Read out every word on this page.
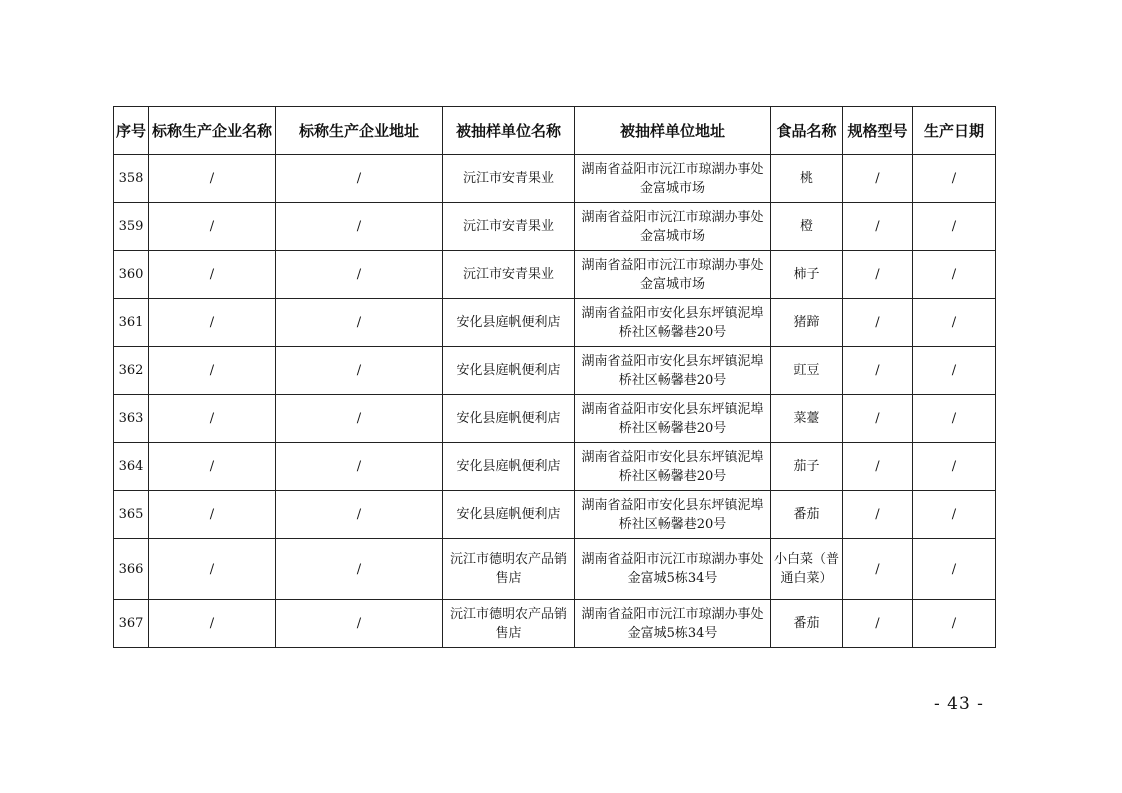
序号	标称生产企业名称	标称生产企业地址	被抽样单位名称	被抽样单位地址	食品名称	规格型号	生产日期
358	/	/	沅江市安青果业	湖南省益阳市沅江市琼湖办事处金富城市场	桃	/	/
359	/	/	沅江市安青果业	湖南省益阳市沅江市琼湖办事处金富城市场	橙	/	/
360	/	/	沅江市安青果业	湖南省益阳市沅江市琼湖办事处金富城市场	柿子	/	/
361	/	/	安化县庭帆便利店	湖南省益阳市安化县东坪镇泥埠桥社区畅馨巷20号	猪蹄	/	/
362	/	/	安化县庭帆便利店	湖南省益阳市安化县东坪镇泥埠桥社区畅馨巷20号	豇豆	/	/
363	/	/	安化县庭帆便利店	湖南省益阳市安化县东坪镇泥埠桥社区畅馨巷20号	菜薹	/	/
364	/	/	安化县庭帆便利店	湖南省益阳市安化县东坪镇泥埠桥社区畅馨巷20号	茄子	/	/
365	/	/	安化县庭帆便利店	湖南省益阳市安化县东坪镇泥埠桥社区畅馨巷20号	番茄	/	/
366	/	/	沅江市德明农产品销售店	湖南省益阳市沅江市琼湖办事处金富城5栋34号	小白菜（普通白菜）	/	/
367	/	/	沅江市德明农产品销售店	湖南省益阳市沅江市琼湖办事处金富城5栋34号	番茄	/	/
- 43 -
